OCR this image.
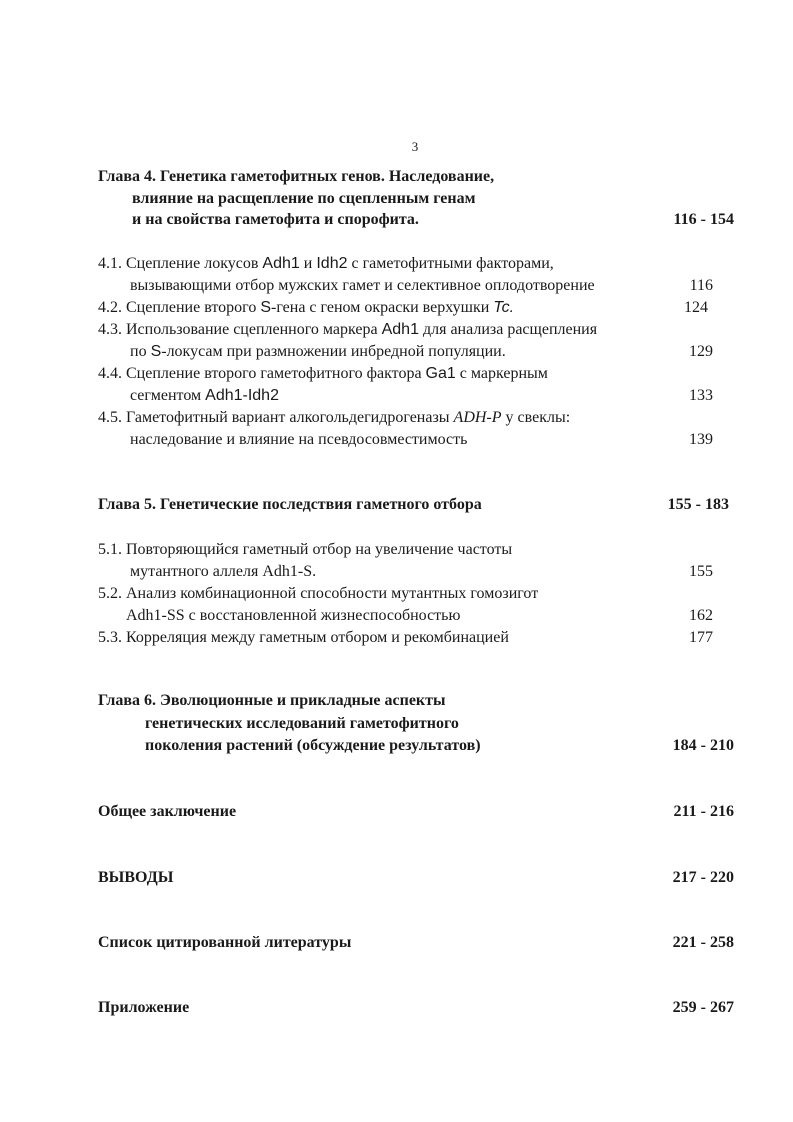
3
Глава 4. Генетика гаметофитных генов. Наследование,
влияние на расщепление по сцепленным генам
и на свойства гаметофита и спорофита.	116 - 154
4.1. Сцепление локусов Adh1 и Idh2 с гаметофитными факторами,
вызывающими отбор мужских гамет и селективное оплодотворение	116
4.2. Сцепление второго S-гена с геном окраски верхушки Tc.	124
4.3. Использование сцепленного маркера Adh1 для анализа расщепления
по S-локусам при размножении инбредной популяции.	129
4.4. Сцепление второго гаметофитного фактора Ga1 с маркерным
сегментом Adh1-Idh2	133
4.5. Гаметофитный вариант алкогольдегидрогеназы ADH-P у свеклы:
наследование и влияние на псевдосовместимость	139
Глава 5. Генетические последствия гаметного отбора	155 - 183
5.1. Повторяющийся гаметный отбор на увеличение частоты
мутантного аллеля Adh1-S.	155
5.2. Анализ комбинационной способности мутантных гомозигот
Adh1-SS с восстановленной жизнеспособностью	162
5.3. Корреляция между гаметным отбором и рекомбинацией	177
Глава 6. Эволюционные и прикладные аспекты
генетических исследований гаметофитного
поколения растений (обсуждение результатов)	184 - 210
Общее заключение	211 - 216
ВЫВОДЫ	217 - 220
Список цитированной литературы	221 - 258
Приложение	259 - 267
